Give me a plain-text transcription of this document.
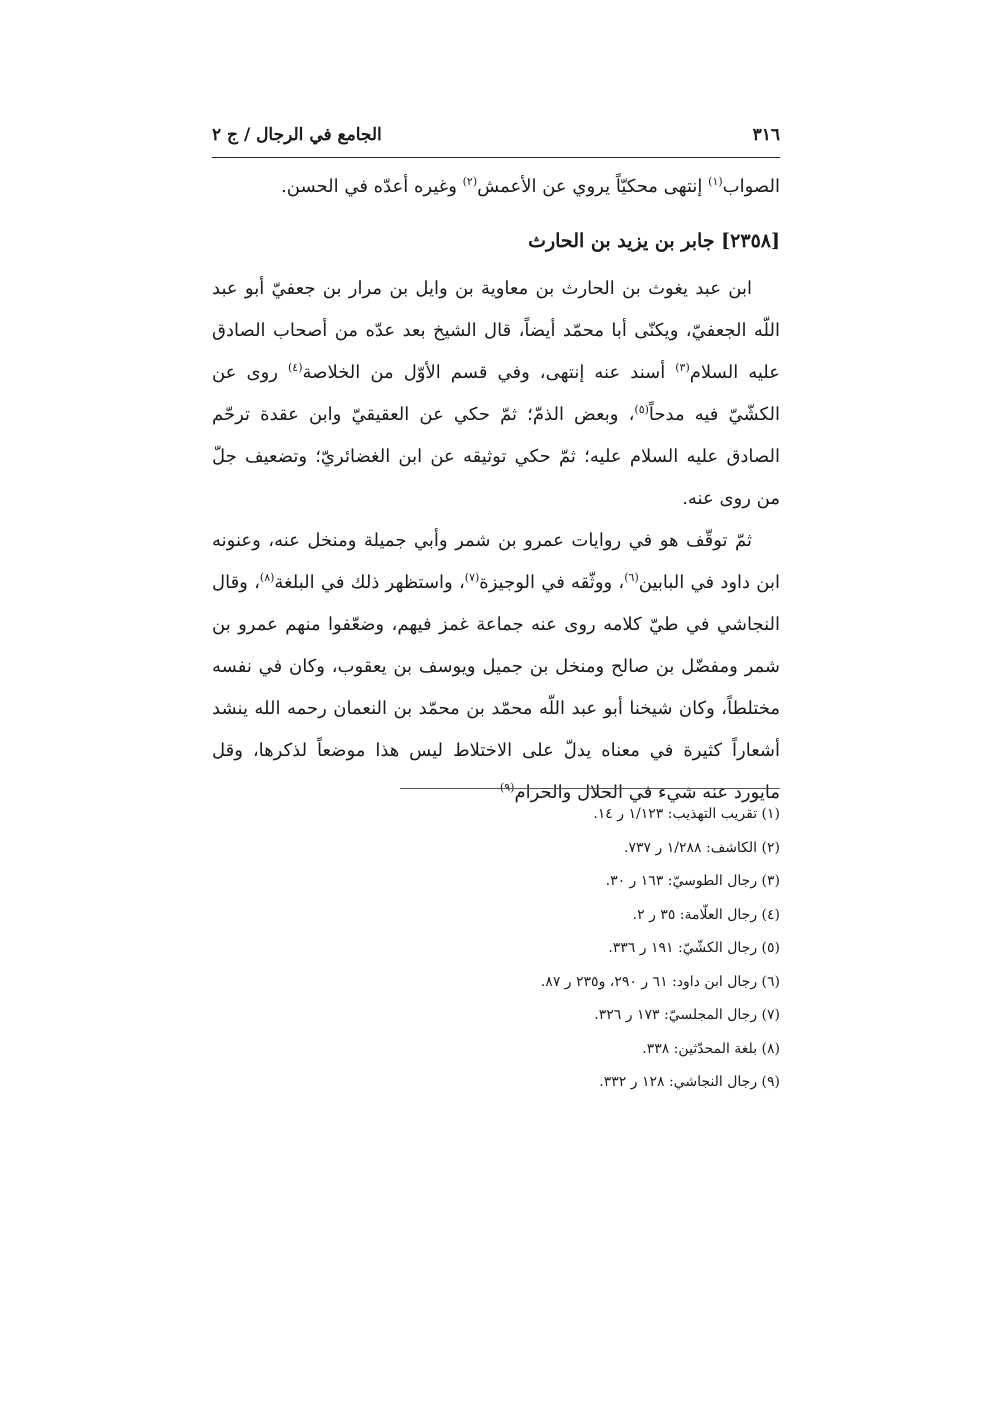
٣١٦
الجامع في الرجال / ج ٢

الصواب$^{(١)}$ إنتهى محكيّاً يروي عن الأعمش$^{(٢)}$ وغيره أعدّه في الحسن.

[٢٣٥٨] جابر بن يزيد بن الحارث

ابن عبد يغوث بن الحارث بن معاوية بن وايل بن مرار بن جعفيّ أبو عبد اللّه الجعفيّ، ويكنّى أبا محمّد أيضاً، قال الشيخ بعد عدّه من أصحاب الصادق عليه السلام$^{(٣)}$ أسند عنه إنتهى، وفي قسم الأوّل من الخلاصة$^{(٤)}$ روى عن الكشّيّ فيه مدحاً$^{(٥)}$، وبعض الذمّ؛ ثمّ حكي عن العقيقيّ وابن عقدة ترحّم الصادق عليه السلام عليه؛ ثمّ حكي توثيقه عن ابن الغضائريّ؛ وتضعيف جلّ من روى عنه.

ثمّ توقّف هو في روايات عمرو بن شمر وأبي جميلة ومنخل عنه، وعنونه ابن داود في البابين$^{(٦)}$، ووثّقه في الوجيزة$^{(٧)}$، واستظهر ذلك في البلغة$^{(٨)}$، وقال النجاشي في طيّ كلامه روى عنه جماعة غمز فيهم، وضعّفوا منهم عمرو بن شمر ومفضّل بن صالح ومنخل بن جميل ويوسف بن يعقوب، وكان في نفسه مختلطاً، وكان شيخنا أبو عبد اللّه محمّد بن محمّد بن النعمان رحمه الله ينشد أشعاراً كثيرة في معناه يدلّ على الاختلاط ليس هذا موضعاً لذكرها، وقل مايورد عنه شيء في الحلال والحرام$^{(٩)}$

(١) تقريب التهذيب: ١/١٢٣ ر ١٤.

(٢) الكاشف: ١/٢٨٨ ر ٧٣٧.

(٣) رجال الطوسيّ: ١٦٣ ر ٣٠.

(٤) رجال العلّامة: ٣٥ ر ٢.

(٥) رجال الكشّيّ: ١٩١ ر ٣٣٦.

(٦) رجال ابن داود: ٦١ ر ٢٩٠، و٢٣٥ ر ٨٧.

(٧) رجال المجلسيّ: ١٧٣ ر ٣٢٦.

(٨) بلغة المحدّثين: ٣٣٨.

(٩) رجال النجاشي: ١٢٨ ر ٣٣٢.
